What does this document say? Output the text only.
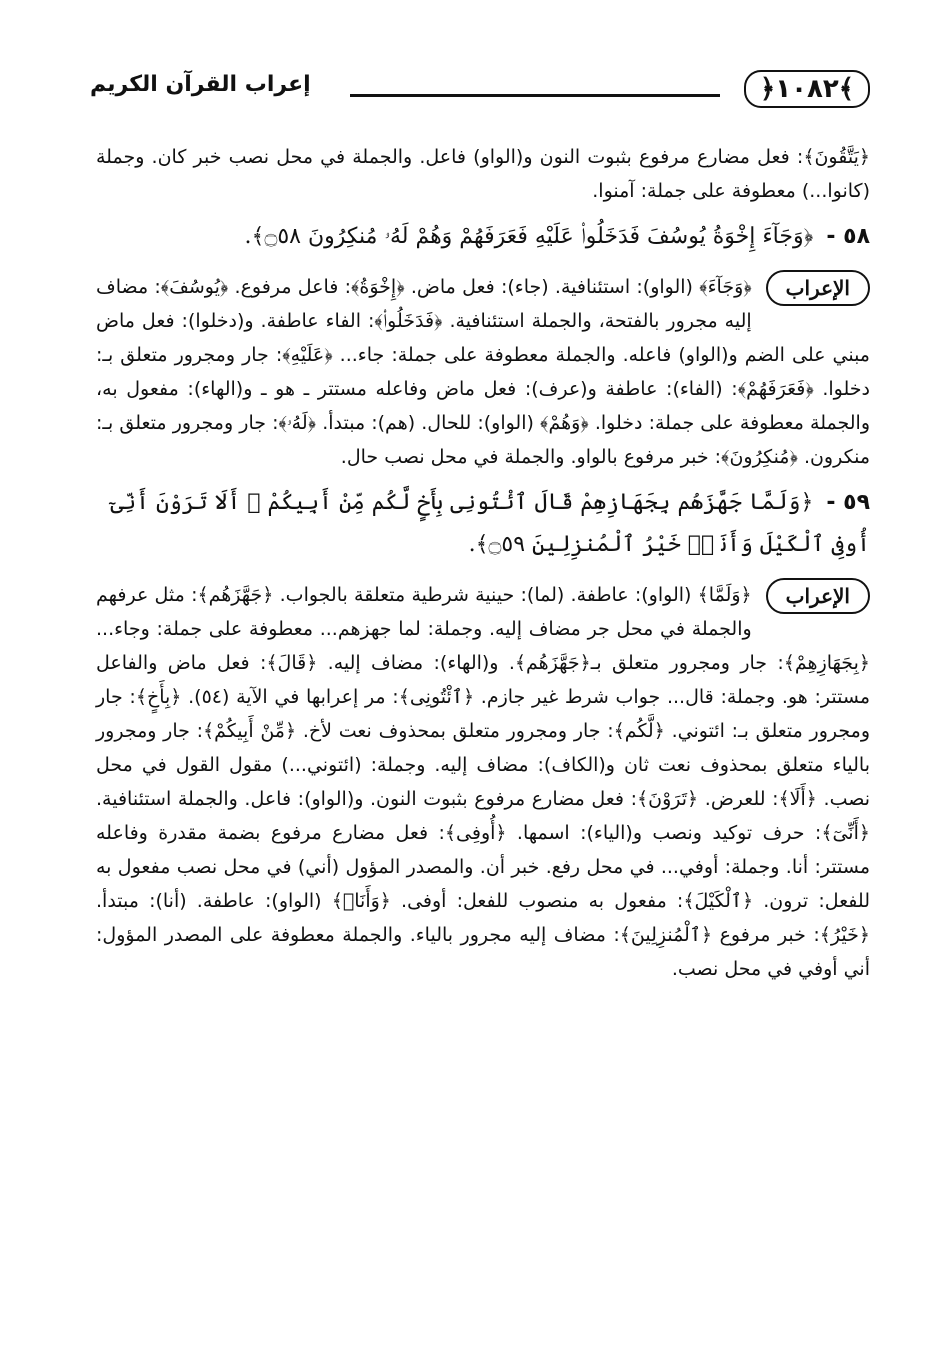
﴿١٠٨٢﴾
إعراب القرآن الكريم

﴿يَتَّقُونَ﴾: فعل مضارع مرفوع بثبوت النون و(الواو) فاعل. والجملة في محل نصب خبر كان. وجملة (كانوا...) معطوفة على جملة: آمنوا.

٥٨ - ﴿وَجَآءَ إِخْوَةُ يُوسُفَ فَدَخَلُوا۟ عَلَيْهِ فَعَرَفَهُمْ وَهُمْ لَهُۥ مُنكِرُونَ ۝٥٨﴾.
الإعراب
﴿وَجَآءَ﴾ (الواو): استئنافية. (جاء): فعل ماض. ﴿إِخْوَةُ﴾: فاعل مرفوع. ﴿يُوسُفَ﴾: مضاف إليه مجرور بالفتحة، والجملة استئنافية. ﴿فَدَخَلُوا۟﴾: الفاء عاطفة. و(دخلوا): فعل ماض مبني على الضم و(الواو) فاعله. والجملة معطوفة على جملة: جاء... ﴿عَلَيْهِ﴾: جار ومجرور متعلق بـ: دخلوا. ﴿فَعَرَفَهُمْ﴾: (الفاء): عاطفة و(عرف): فعل ماض وفاعله مستتر ـ هو ـ و(الهاء): مفعول به، والجملة معطوفة على جملة: دخلوا. ﴿وَهُمْ﴾ (الواو): للحال. (هم): مبتدأ. ﴿لَهُۥ﴾: جار ومجرور متعلق بـ: منكرون. ﴿مُنكِرُونَ﴾: خبر مرفوع بالواو. والجملة في محل نصب حال.
٥٩ - ﴿وَلَمَّا جَهَّزَهُم بِجَهَازِهِمْ قَالَ ٱئْتُونِى بِأَخٍ لَّكُم مِّنْ أَبِيكُمْ ۚ أَلَا تَرَوْنَ أَنِّىٓ أُوفِى ٱلْكَيْلَ وَأَنَا۠ خَيْرُ ٱلْمُنزِلِينَ ۝٥٩﴾.
الإعراب
﴿وَلَمَّا﴾ (الواو): عاطفة. (لما): حينية شرطية متعلقة بالجواب. ﴿جَهَّزَهُم﴾: مثل عرفهم والجملة في محل جر مضاف إليه. وجملة: لما جهزهم... معطوفة على جملة: وجاء... ﴿بِجَهَازِهِمْ﴾: جار ومجرور متعلق بـ﴿جَهَّزَهُم﴾. و(الهاء): مضاف إليه. ﴿قَالَ﴾: فعل ماض والفاعل مستتر: هو. وجملة: قال... جواب شرط غير جازم. ﴿ٱئْتُونِى﴾: مر إعرابها في الآية (٥٤). ﴿بِأَخٍ﴾: جار ومجرور متعلق بـ: ائتوني. ﴿لَّكُم﴾: جار ومجرور متعلق بمحذوف نعت لأخ. ﴿مِّنْ أَبِيكُمْ﴾: جار ومجرور بالياء متعلق بمحذوف نعت ثان و(الكاف): مضاف إليه. وجملة: (ائتوني...) مقول القول في محل نصب. ﴿أَلَا﴾: للعرض. ﴿تَرَوْنَ﴾: فعل مضارع مرفوع بثبوت النون. و(الواو): فاعل. والجملة استئنافية. ﴿أَنِّىٓ﴾: حرف توكيد ونصب و(الياء): اسمها. ﴿أُوفِى﴾: فعل مضارع مرفوع بضمة مقدرة وفاعله مستتر: أنا. وجملة: أوفي... في محل رفع. خبر أن. والمصدر المؤول (أني) في محل نصب مفعول به للفعل: ترون. ﴿ٱلْكَيْلَ﴾: مفعول به منصوب للفعل: أوفى. ﴿وَأَنَا۠﴾ (الواو): عاطفة. (أنا): مبتدأ. ﴿خَيْرُ﴾: خبر مرفوع ﴿ٱلْمُنزِلِينَ﴾: مضاف إليه مجرور بالياء. والجملة معطوفة على المصدر المؤول: أني أوفي في محل نصب.
